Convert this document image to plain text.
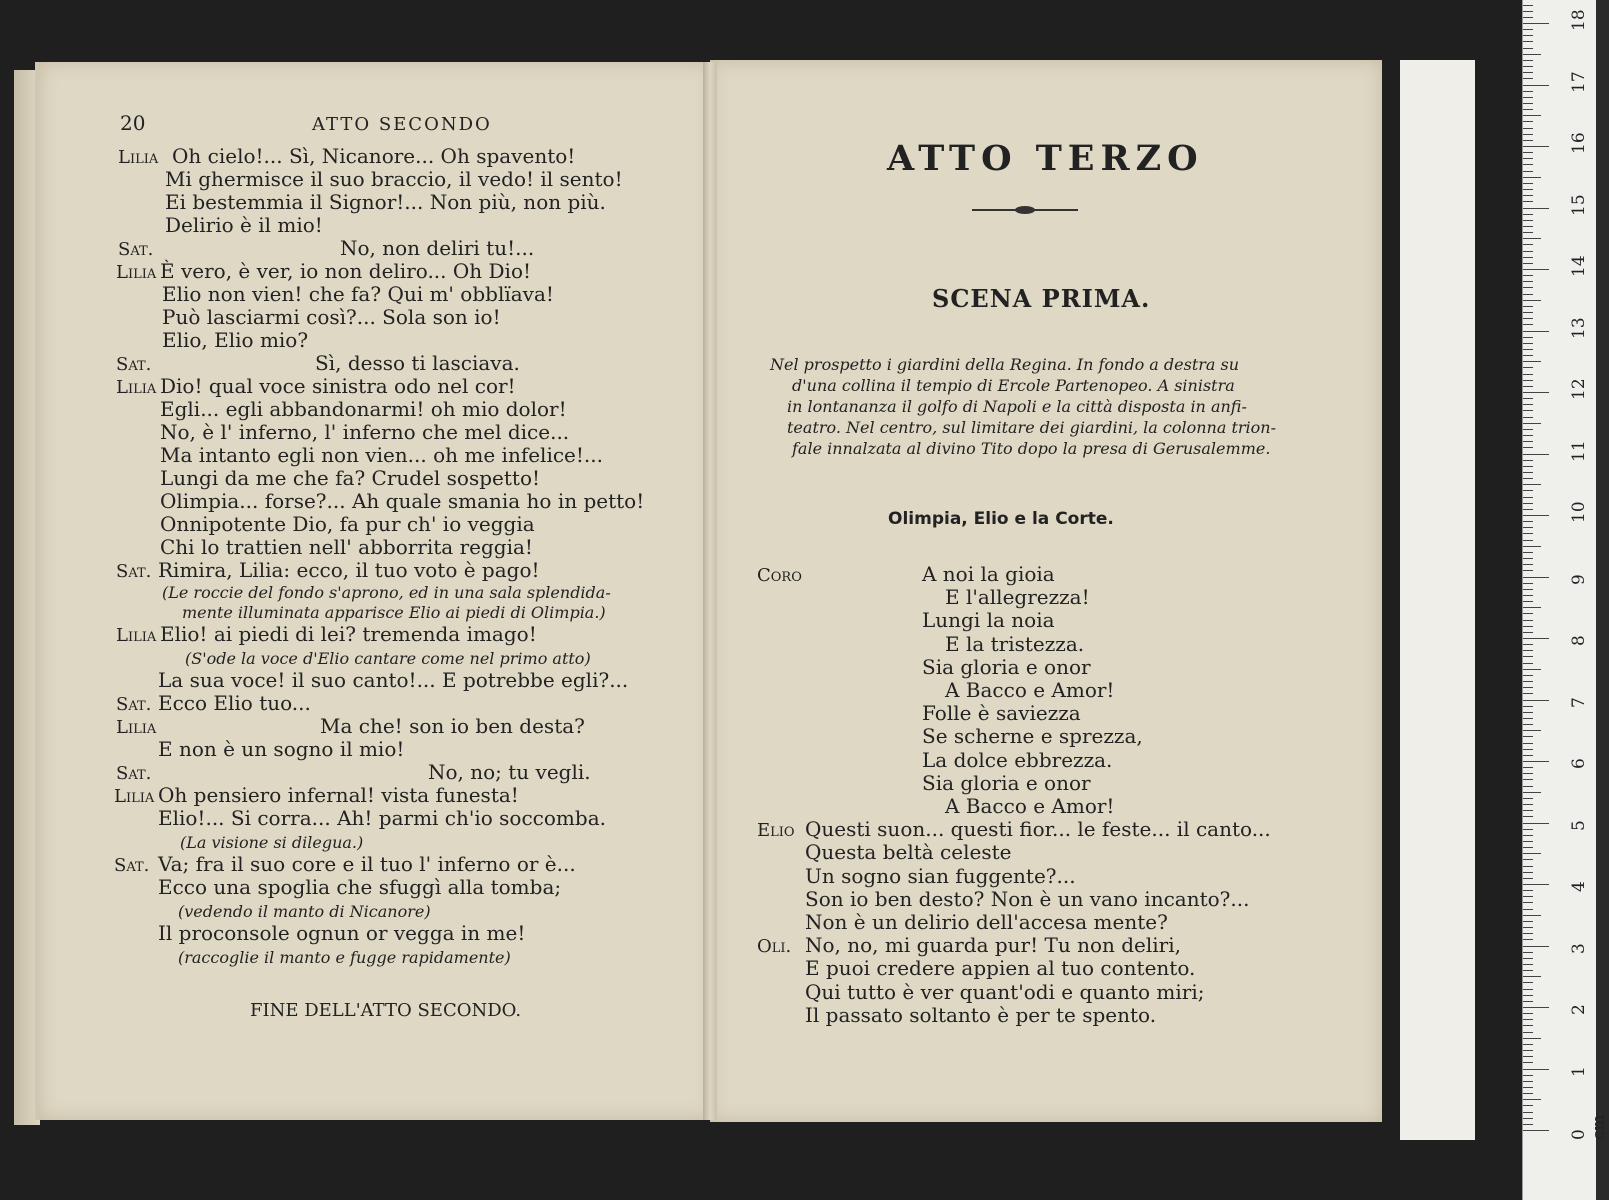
20	ATTO SECONDO
Lilia Oh cielo!... Sì, Nicanore... Oh spavento!
Mi ghermisce il suo braccio, il vedo! il sento!
Ei bestemmia il Signor!... Non più, non più.
Delirio è il mio!
Sat.	No, non deliri tu!...
Lilia È vero, è ver, io non deliro... Oh Dio!
Elio non vien! che fa? Qui m' obblïava!
Può lasciarmi così?... Sola son io!
Elio, Elio mio?
Sat.	Sì, desso ti lasciava.
Lilia Dio! qual voce sinistra odo nel cor!
Egli... egli abbandonarmi! oh mio dolor!
No, è l' inferno, l' inferno che mel dice...
Ma intanto egli non vien... oh me infelice!...
Lungi da me che fa? Crudel sospetto!
Olimpia... forse?... Ah quale smania ho in petto!
Onnipotente Dio, fa pur ch' io veggia
Chi lo trattien nell' abborrita reggia!
Sat. Rimira, Lilia: ecco, il tuo voto è pago!
(Le roccie del fondo s'aprono, ed in una sala splendida-
mente illuminata apparisce Elio ai piedi di Olimpia.)
Lilia Elio! ai piedi di lei? tremenda imago!
(S'ode la voce d'Elio cantare come nel primo atto)
La sua voce! il suo canto!... E potrebbe egli?...
Sat. Ecco Elio tuo...
Lilia	Ma che! son io ben desta?
E non è un sogno il mio!
Sat.	No, no; tu vegli.
Lilia Oh pensiero infernal! vista funesta!
Elio!... Si corra... Ah! parmi ch'io soccomba.
(La visione si dilegua.)
Sat. Va; fra il suo core e il tuo l' inferno or è...
Ecco una spoglia che sfuggì alla tomba;
(vedendo il manto di Nicanore)
Il proconsole ognun or vegga in me!
(raccoglie il manto e fugge rapidamente)
FINE DELL'ATTO SECONDO.
ATTO TERZO
SCENA PRIMA.
Nel prospetto i giardini della Regina. In fondo a destra su
d'una collina il tempio di Ercole Partenopeo. A sinistra
in lontananza il golfo di Napoli e la città disposta in anfi-
teatro. Nel centro, sul limitare dei giardini, la colonna trion-
fale innalzata al divino Tito dopo la presa di Gerusalemme.
Olimpia, Elio e la Corte.
Coro	A noi la gioia
E l'allegrezza!
Lungi la noia
E la tristezza.
Sia gloria e onor
A Bacco e Amor!
Folle è saviezza
Se scherne e sprezza,
La dolce ebbrezza.
Sia gloria e onor
A Bacco e Amor!
Elio Questi suon... questi fior... le feste... il canto...
Questa beltà celeste
Un sogno sian fuggente?...
Son io ben desto? Non è un vano incanto?...
Non è un delirio dell'accesa mente?
Oli. No, no, mi guarda pur! Tu non deliri,
E puoi credere appien al tuo contento.
Qui tutto è ver quant'odi e quanto miri;
Il passato soltanto è per te spento.
0 cm
1
2
3
4
5
6
7
8
9
10
11
12
13
14
15
16
17
18
